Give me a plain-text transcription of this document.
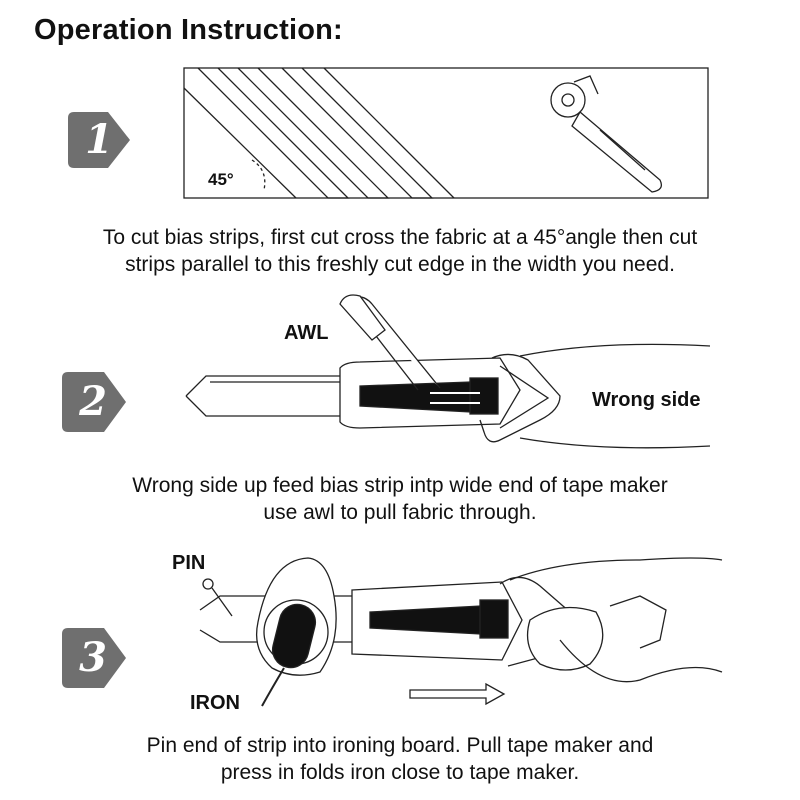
Operation Instruction:
1
2
3
45°
AWL
Wrong side
PIN
IRON
To cut bias strips, first cut cross the fabric at a 45°angle then cut
strips parallel to this freshly cut edge in the width you need.
Wrong side up feed bias strip intp wide end of tape maker
use awl to pull fabric through.
Pin end of strip into ironing board. Pull tape maker and
press in folds iron close to tape maker.
